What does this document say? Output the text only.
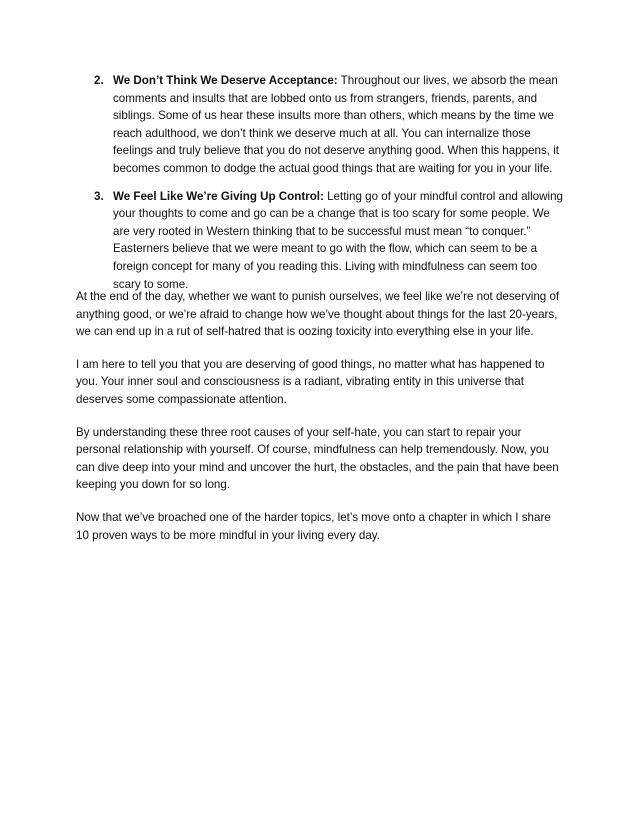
2. We Don’t Think We Deserve Acceptance: Throughout our lives, we absorb the mean comments and insults that are lobbed onto us from strangers, friends, parents, and siblings. Some of us hear these insults more than others, which means by the time we reach adulthood, we don’t think we deserve much at all. You can internalize those feelings and truly believe that you do not deserve anything good. When this happens, it becomes common to dodge the actual good things that are waiting for you in your life.
3. We Feel Like We’re Giving Up Control: Letting go of your mindful control and allowing your thoughts to come and go can be a change that is too scary for some people. We are very rooted in Western thinking that to be successful must mean “to conquer.” Easterners believe that we were meant to go with the flow, which can seem to be a foreign concept for many of you reading this. Living with mindfulness can seem too scary to some.

At the end of the day, whether we want to punish ourselves, we feel like we’re not deserving of anything good, or we’re afraid to change how we’ve thought about things for the last 20-years, we can end up in a rut of self-hatred that is oozing toxicity into everything else in your life.

I am here to tell you that you are deserving of good things, no matter what has happened to you. Your inner soul and consciousness is a radiant, vibrating entity in this universe that deserves some compassionate attention.

By understanding these three root causes of your self-hate, you can start to repair your personal relationship with yourself. Of course, mindfulness can help tremendously. Now, you can dive deep into your mind and uncover the hurt, the obstacles, and the pain that have been keeping you down for so long.

Now that we’ve broached one of the harder topics, let’s move onto a chapter in which I share 10 proven ways to be more mindful in your living every day.
